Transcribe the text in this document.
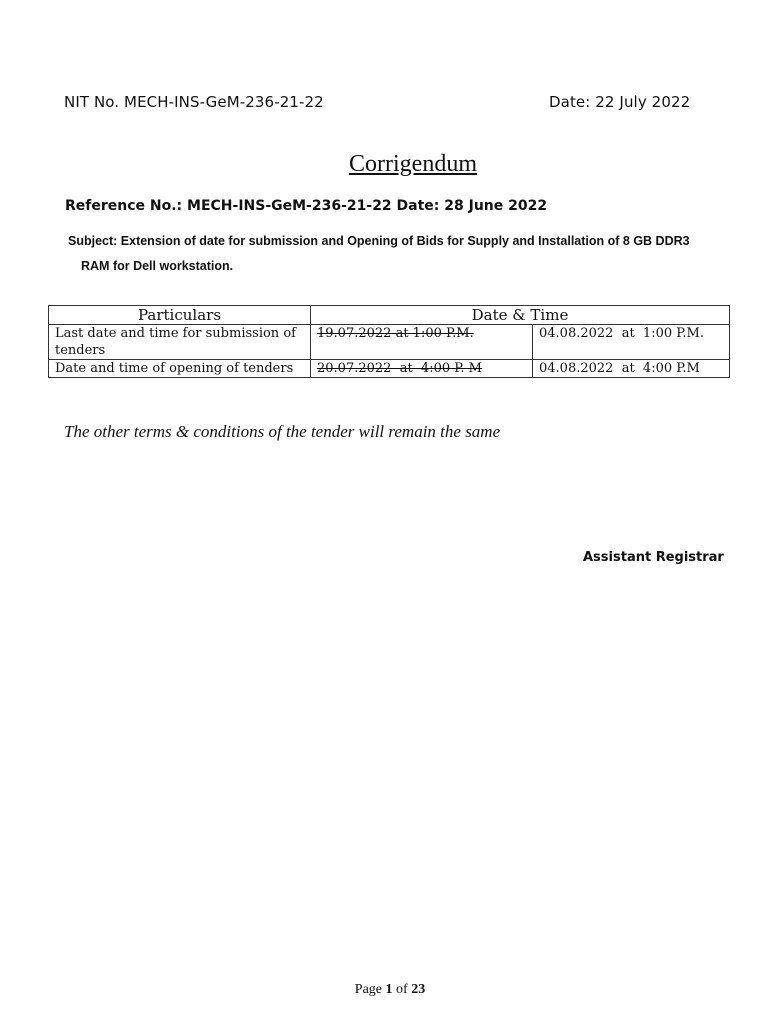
NIT No. MECH-INS-GeM-236-21-22	Date: 22 July 2022
Corrigendum
Reference No.: MECH-INS-GeM-236-21-22 Date: 28 June 2022
Subject: Extension of date for submission and Opening of Bids for Supply and Installation of 8 GB DDR3
RAM for Dell workstation.
Particulars	Date & Time	
Last date and time for submission of tenders	19.07.2022 at 1:00 P.M.	04.08.2022  at  1:00 P.M.
Date and time of opening of tenders	20.07.2022  at  4:00 P. M	04.08.2022  at  4:00 P.M
The other terms & conditions of the tender will remain the same
Assistant Registrar
Page 1 of 23
